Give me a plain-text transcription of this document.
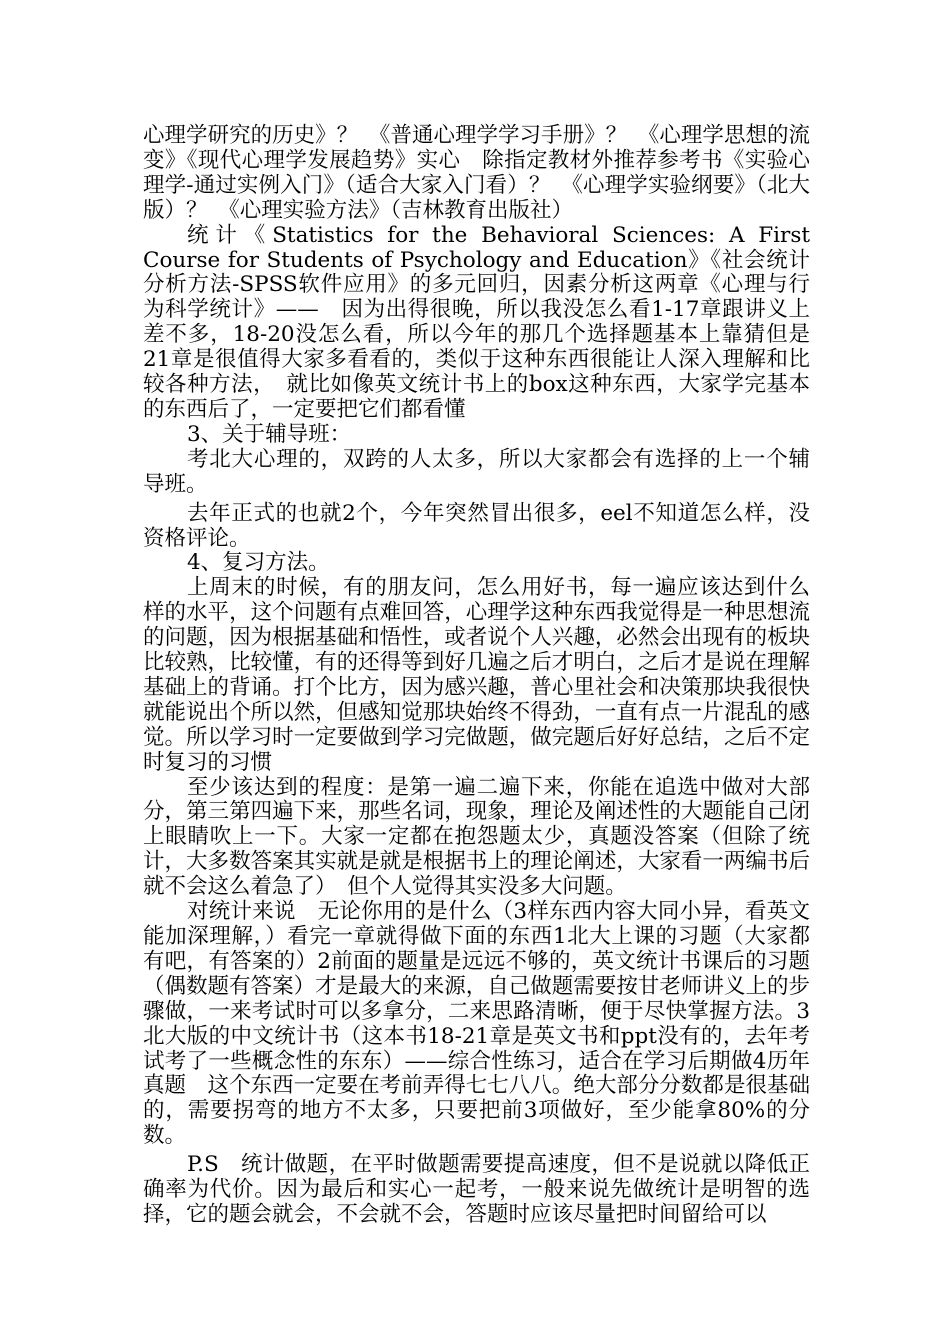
心理学研究的历史》？　《普通心理学学习手册》？　《心理学思想的流变》《现代心理学发展趋势》实心　除指定教材外推荐参考书《实验心理学-通过实例入门》（适合大家入门看）？　《心理学实验纲要》（北大版）？　《心理实验方法》（吉林教育出版社）

统计《Statistics for the Behavioral Sciences: A First Course for Students of Psychology and Education》《社会统计分析方法-SPSS软件应用》的多元回归，因素分析这两章《心理与行为科学统计》——　因为出得很晚，所以我没怎么看1-17章跟讲义上差不多，18-20没怎么看，所以今年的那几个选择题基本上靠猜但是21章是很值得大家多看看的，类似于这种东西很能让人深入理解和比较各种方法，　就比如像英文统计书上的box这种东西，大家学完基本的东西后了，一定要把它们都看懂

3、关于辅导班：

考北大心理的，双跨的人太多，所以大家都会有选择的上一个辅导班。

去年正式的也就2个，今年突然冒出很多，eel不知道怎么样，没资格评论。

4、复习方法。

上周末的时候，有的朋友问，怎么用好书，每一遍应该达到什么样的水平，这个问题有点难回答，心理学这种东西我觉得是一种思想流的问题，因为根据基础和悟性，或者说个人兴趣，必然会出现有的板块比较熟，比较懂，有的还得等到好几遍之后才明白，之后才是说在理解基础上的背诵。打个比方，因为感兴趣，普心里社会和决策那块我很快就能说出个所以然，但感知觉那块始终不得劲，一直有点一片混乱的感觉。所以学习时一定要做到学习完做题，做完题后好好总结，之后不定时复习的习惯

至少该达到的程度：是第一遍二遍下来，你能在追选中做对大部分，第三第四遍下来，那些名词，现象，理论及阐述性的大题能自己闭上眼睛吹上一下。大家一定都在抱怨题太少，真题没答案（但除了统计，大多数答案其实就是就是根据书上的理论阐述，大家看一两编书后就不会这么着急了）　但个人觉得其实没多大问题。

对统计来说　无论你用的是什么（3样东西内容大同小异，看英文能加深理解，）看完一章就得做下面的东西1北大上课的习题（大家都有吧，有答案的）2前面的题量是远远不够的，英文统计书课后的习题（偶数题有答案）才是最大的来源，自己做题需要按甘老师讲义上的步骤做，一来考试时可以多拿分，二来思路清晰，便于尽快掌握方法。3北大版的中文统计书（这本书18-21章是英文书和ppt没有的，去年考试考了一些概念性的东东）——综合性练习，适合在学习后期做4历年真题　这个东西一定要在考前弄得七七八八。绝大部分分数都是很基础的，需要拐弯的地方不太多，只要把前3项做好，至少能拿80%的分数。

P.S　统计做题，在平时做题需要提高速度，但不是说就以降低正确率为代价。因为最后和实心一起考，一般来说先做统计是明智的选择，它的题会就会，不会就不会，答题时应该尽量把时间留给可以
